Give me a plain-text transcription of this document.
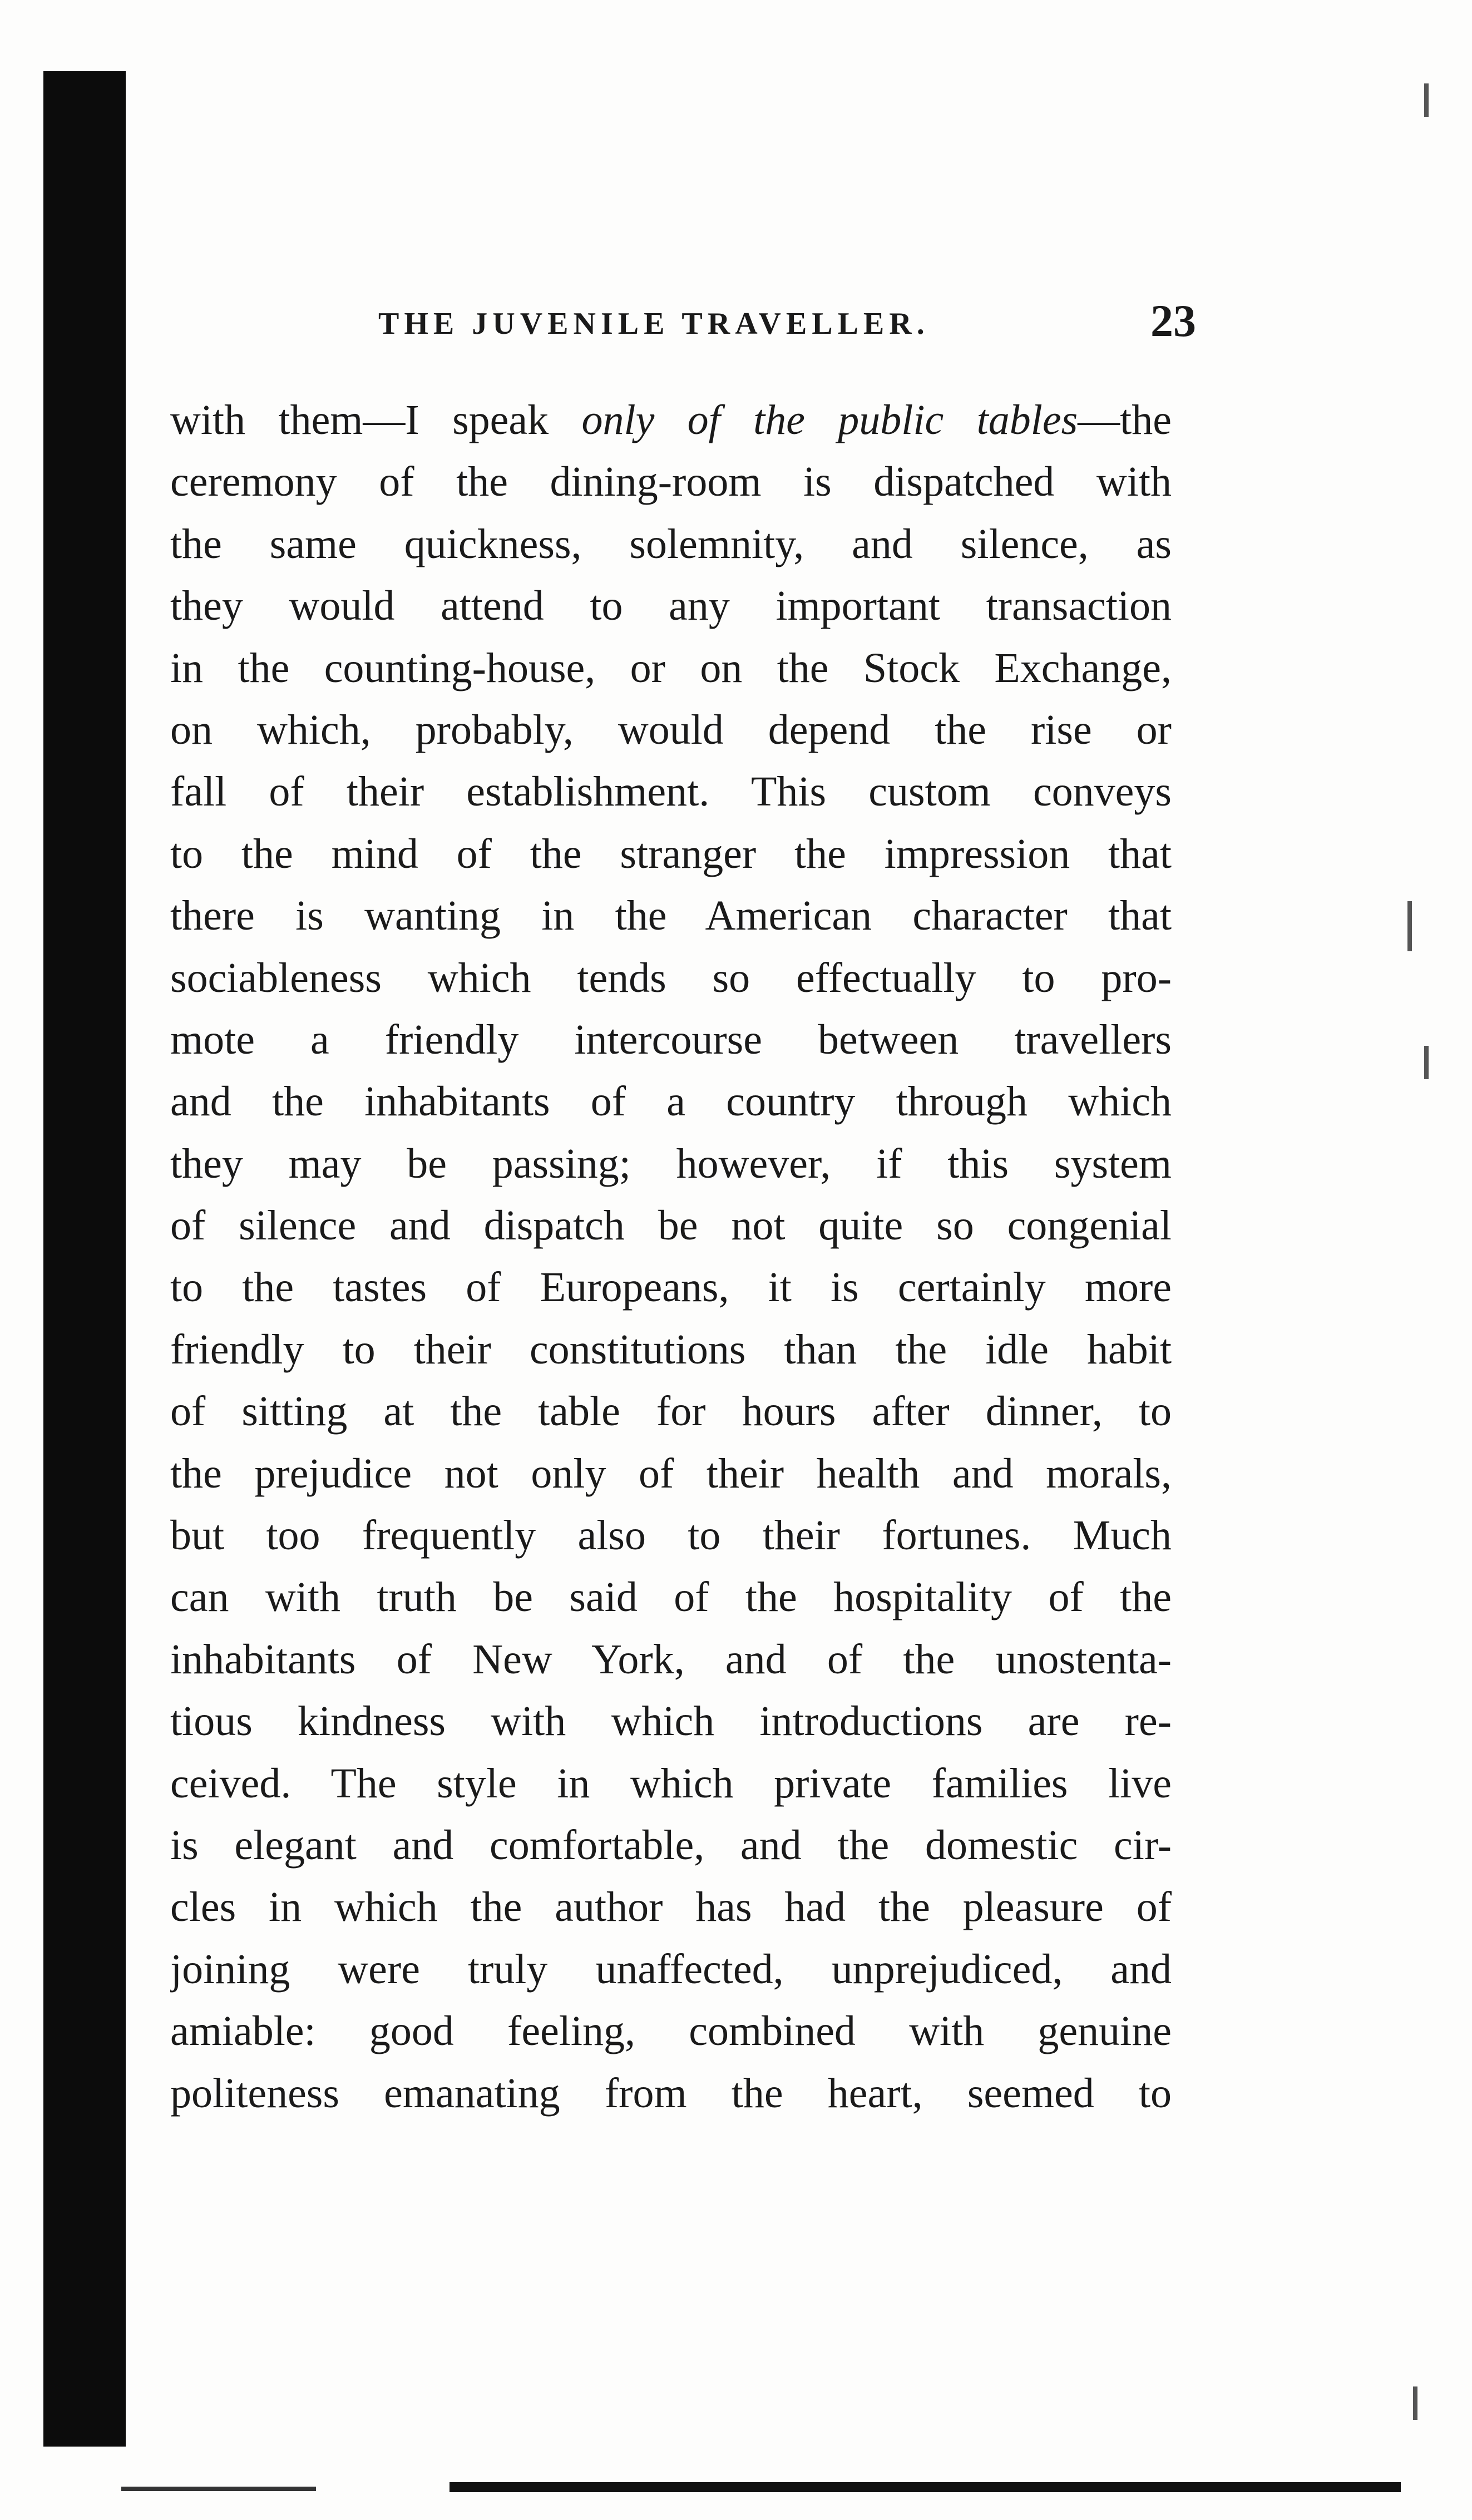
THE JUVENILE TRAVELLER.	23
with them—I speak only of the public tables—the
ceremony of the dining-room is dispatched with
the same quickness, solemnity, and silence, as
they would attend to any important transaction
in the counting-house, or on the Stock Exchange,
on which, probably, would depend the rise or
fall of their establishment. This custom conveys
to the mind of the stranger the impression that
there is wanting in the American character that
sociableness which tends so effectually to pro-
mote a friendly intercourse between travellers
and the inhabitants of a country through which
they may be passing; however, if this system
of silence and dispatch be not quite so congenial
to the tastes of Europeans, it is certainly more
friendly to their constitutions than the idle habit
of sitting at the table for hours after dinner, to
the prejudice not only of their health and morals,
but too frequently also to their fortunes. Much
can with truth be said of the hospitality of the
inhabitants of New York, and of the unostenta-
tious kindness with which introductions are re-
ceived. The style in which private families live
is elegant and comfortable, and the domestic cir-
cles in which the author has had the pleasure of
joining were truly unaffected, unprejudiced, and
amiable: good feeling, combined with genuine
politeness emanating from the heart, seemed to
